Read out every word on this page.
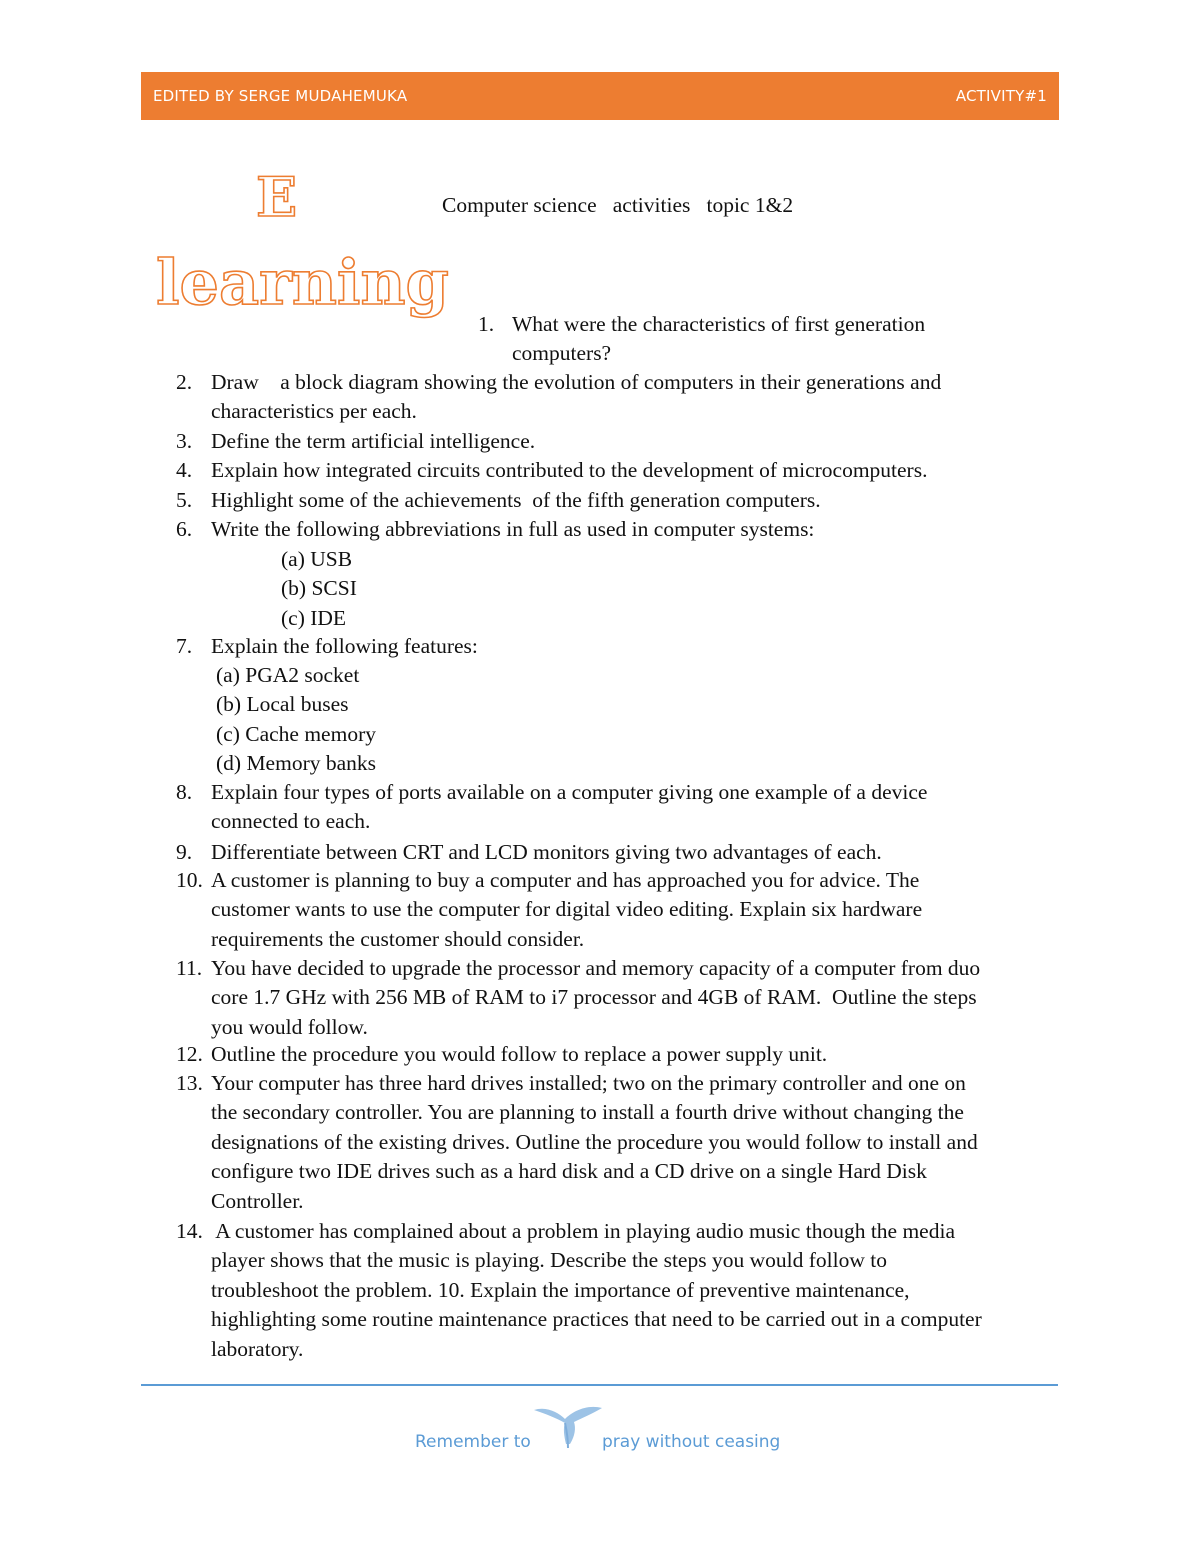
EDITED BY SERGE MUDAHEMUKA	ACTIVITY#1
E
learning
Computer science   activities   topic 1&2
1. What were the characteristics of first generation
computers?
2. Draw    a block diagram showing the evolution of computers in their generations and
characteristics per each.
3. Define the term artificial intelligence.
4. Explain how integrated circuits contributed to the development of microcomputers.
5. Highlight some of the achievements  of the fifth generation computers.
6. Write the following abbreviations in full as used in computer systems:
7. Explain the following features:
8. Explain four types of ports available on a computer giving one example of a device
connected to each.
9. Differentiate between CRT and LCD monitors giving two advantages of each.
10. A customer is planning to buy a computer and has approached you for advice. The
customer wants to use the computer for digital video editing. Explain six hardware
requirements the customer should consider.
11. You have decided to upgrade the processor and memory capacity of a computer from duo
core 1.7 GHz with 256 MB of RAM to i7 processor and 4GB of RAM.  Outline the steps
you would follow.
12. Outline the procedure you would follow to replace a power supply unit.
13. Your computer has three hard drives installed; two on the primary controller and one on
the secondary controller. You are planning to install a fourth drive without changing the
designations of the existing drives. Outline the procedure you would follow to install and
configure two IDE drives such as a hard disk and a CD drive on a single Hard Disk
Controller.
14. A customer has complained about a problem in playing audio music though the media
player shows that the music is playing. Describe the steps you would follow to
troubleshoot the problem. 10. Explain the importance of preventive maintenance,
highlighting some routine maintenance practices that need to be carried out in a computer
laboratory.
(a) USB
(b) SCSI
(c) IDE
(a) PGA2 socket
(b) Local buses
(c) Cache memory
(d) Memory banks
Remember to	pray without ceasing
